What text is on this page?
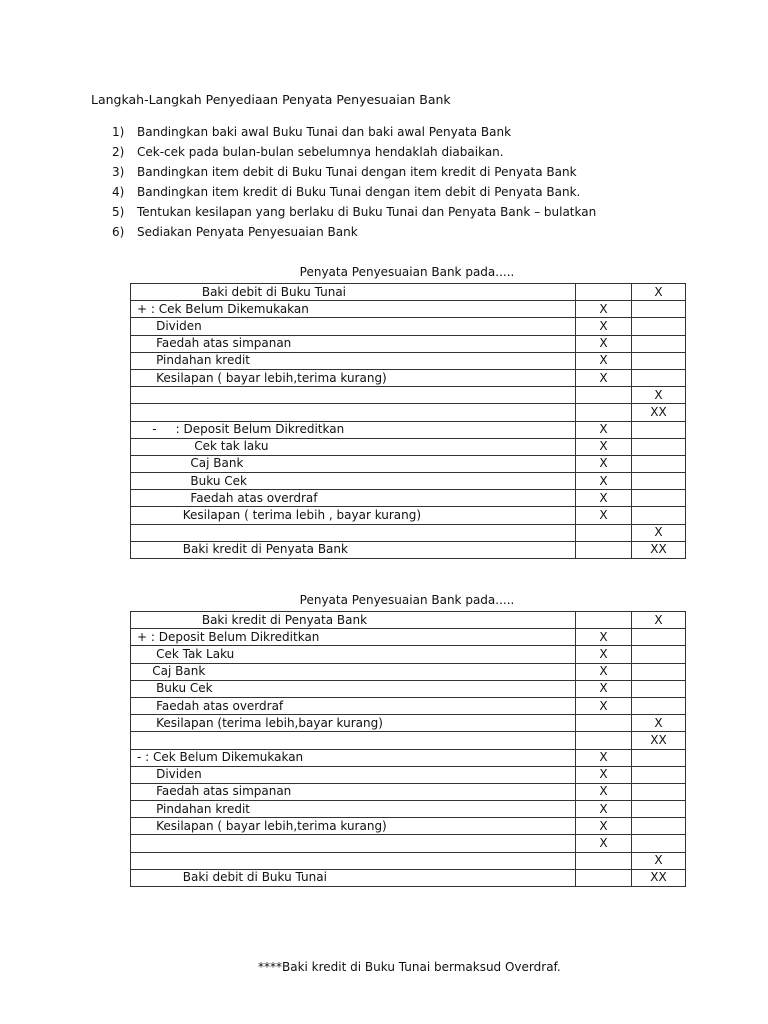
Langkah-Langkah Penyediaan Penyata Penyesuaian Bank
1) Bandingkan baki awal Buku Tunai dan baki awal Penyata Bank
2) Cek-cek pada bulan-bulan sebelumnya hendaklah diabaikan.
3) Bandingkan item debit di Buku Tunai dengan item kredit di Penyata Bank
4) Bandingkan item kredit di Buku Tunai dengan item debit di Penyata Bank.
5) Tentukan kesilapan yang berlaku di Buku Tunai dan Penyata Bank – bulatkan
6) Sediakan Penyata Penyesuaian Bank
Penyata Penyesuaian Bank pada.....
Baki debit di Buku Tunai		X
+ : Cek Belum Dikemukakan	X	
Dividen	X	
Faedah atas simpanan	X	
Pindahan kredit	X	
Kesilapan ( bayar lebih,terima kurang)	X	
		X
		XX
-     : Deposit Belum Dikreditkan	X	
Cek tak laku	X	
Caj Bank	X	
Buku Cek	X	
Faedah atas overdraf	X	
Kesilapan ( terima lebih , bayar kurang)	X	
		X
Baki kredit di Penyata Bank		XX
Penyata Penyesuaian Bank pada.....
Baki kredit di Penyata Bank		X
+ : Deposit Belum Dikreditkan	X	
Cek Tak Laku	X	
Caj Bank	X	
Buku Cek	X	
Faedah atas overdraf	X	
Kesilapan (terima lebih,bayar kurang)		X
		XX
- : Cek Belum Dikemukakan	X	
Dividen	X	
Faedah atas simpanan	X	
Pindahan kredit	X	
Kesilapan ( bayar lebih,terima kurang)	X	
	X	
		X
Baki debit di Buku Tunai		XX
****Baki kredit di Buku Tunai bermaksud Overdraf.
